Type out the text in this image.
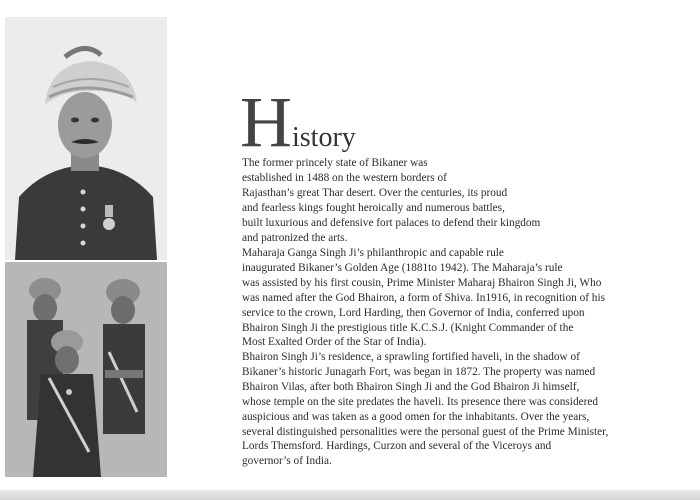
History
The former princely state of Bikaner was
established in 1488 on the western borders of
Rajasthan’s great Thar desert. Over the centuries, its proud
and fearless kings fought heroically and numerous battles,
built luxurious and defensive fort palaces to defend their kingdom
and patronized the arts.
Maharaja Ganga Singh Ji’s philanthropic and capable rule
inaugurated Bikaner’s Golden Age (1881to 1942). The Maharaja’s rule
was assisted by his first cousin, Prime Minister Maharaj Bhairon Singh Ji, Who
was named after the God Bhairon, a form of Shiva. In1916, in recognition of his
service to the crown, Lord Harding, then Governor of India, conferred upon
Bhairon Singh Ji the prestigious title K.C.S.J. (Knight Commander of the
Most Exalted Order of the Star of India).
Bhairon Singh Ji’s residence, a sprawling fortified haveli, in the shadow of
Bikaner’s historic Junagarh Fort, was began in 1872. The property was named
Bhairon Vilas, after both Bhairon Singh Ji and the God Bhairon Ji himself,
whose temple on the site predates the haveli. Its presence there was considered
auspicious and was taken as a good omen for the inhabitants. Over the years,
several distinguished personalities were the personal guest of the Prime Minister,
Lords Themsford. Hardings, Curzon and several of the Viceroys and
governor’s of India.
